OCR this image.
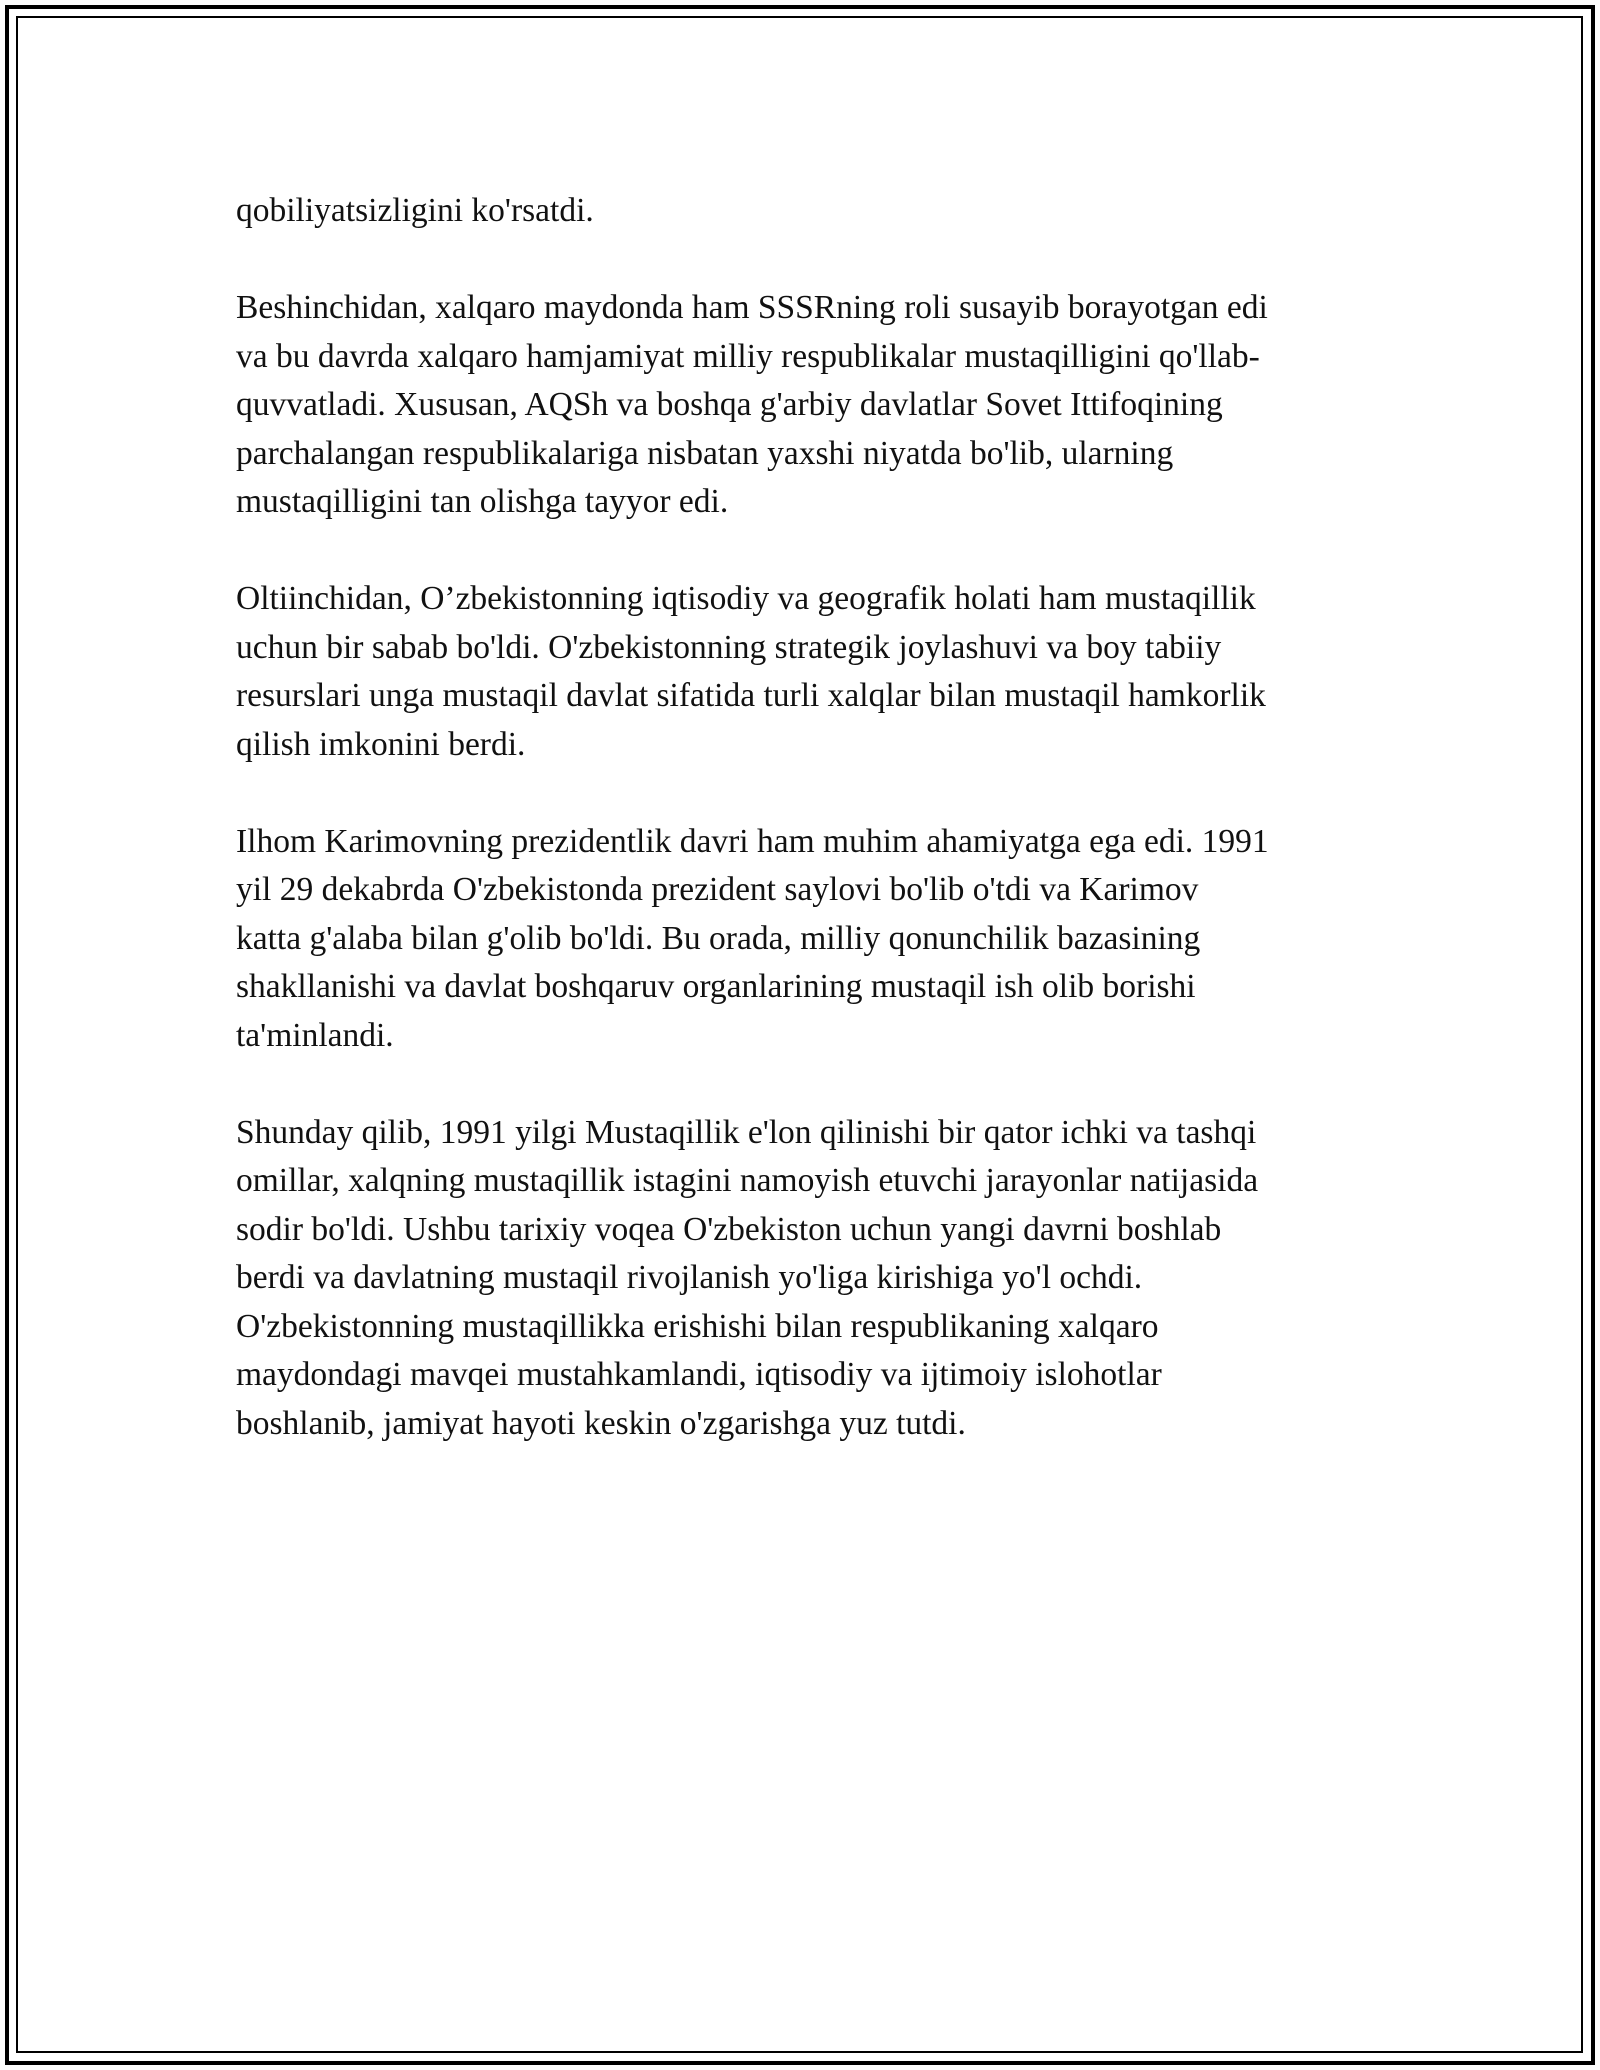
qobiliyatsizligini ko'rsatdi.

Beshinchidan, xalqaro maydonda ham SSSRning roli susayib borayotgan edi
va bu davrda xalqaro hamjamiyat milliy respublikalar mustaqilligini qo'llab-
quvvatladi. Xususan, AQSh va boshqa g'arbiy davlatlar Sovet Ittifoqining
parchalangan respublikalariga nisbatan yaxshi niyatda bo'lib, ularning
mustaqilligini tan olishga tayyor edi.

Oltiinchidan, O’zbekistonning iqtisodiy va geografik holati ham mustaqillik
uchun bir sabab bo'ldi. O'zbekistonning strategik joylashuvi va boy tabiiy
resurslari unga mustaqil davlat sifatida turli xalqlar bilan mustaqil hamkorlik
qilish imkonini berdi.

Ilhom Karimovning prezidentlik davri ham muhim ahamiyatga ega edi. 1991
yil 29 dekabrda O'zbekistonda prezident saylovi bo'lib o'tdi va Karimov
katta g'alaba bilan g'olib bo'ldi. Bu orada, milliy qonunchilik bazasining
shakllanishi va davlat boshqaruv organlarining mustaqil ish olib borishi
ta'minlandi.

Shunday qilib, 1991 yilgi Mustaqillik e'lon qilinishi bir qator ichki va tashqi
omillar, xalqning mustaqillik istagini namoyish etuvchi jarayonlar natijasida
sodir bo'ldi. Ushbu tarixiy voqea O'zbekiston uchun yangi davrni boshlab
berdi va davlatning mustaqil rivojlanish yo'liga kirishiga yo'l ochdi.
O'zbekistonning mustaqillikka erishishi bilan respublikaning xalqaro
maydondagi mavqei mustahkamlandi, iqtisodiy va ijtimoiy islohotlar
boshlanib, jamiyat hayoti keskin o'zgarishga yuz tutdi.
